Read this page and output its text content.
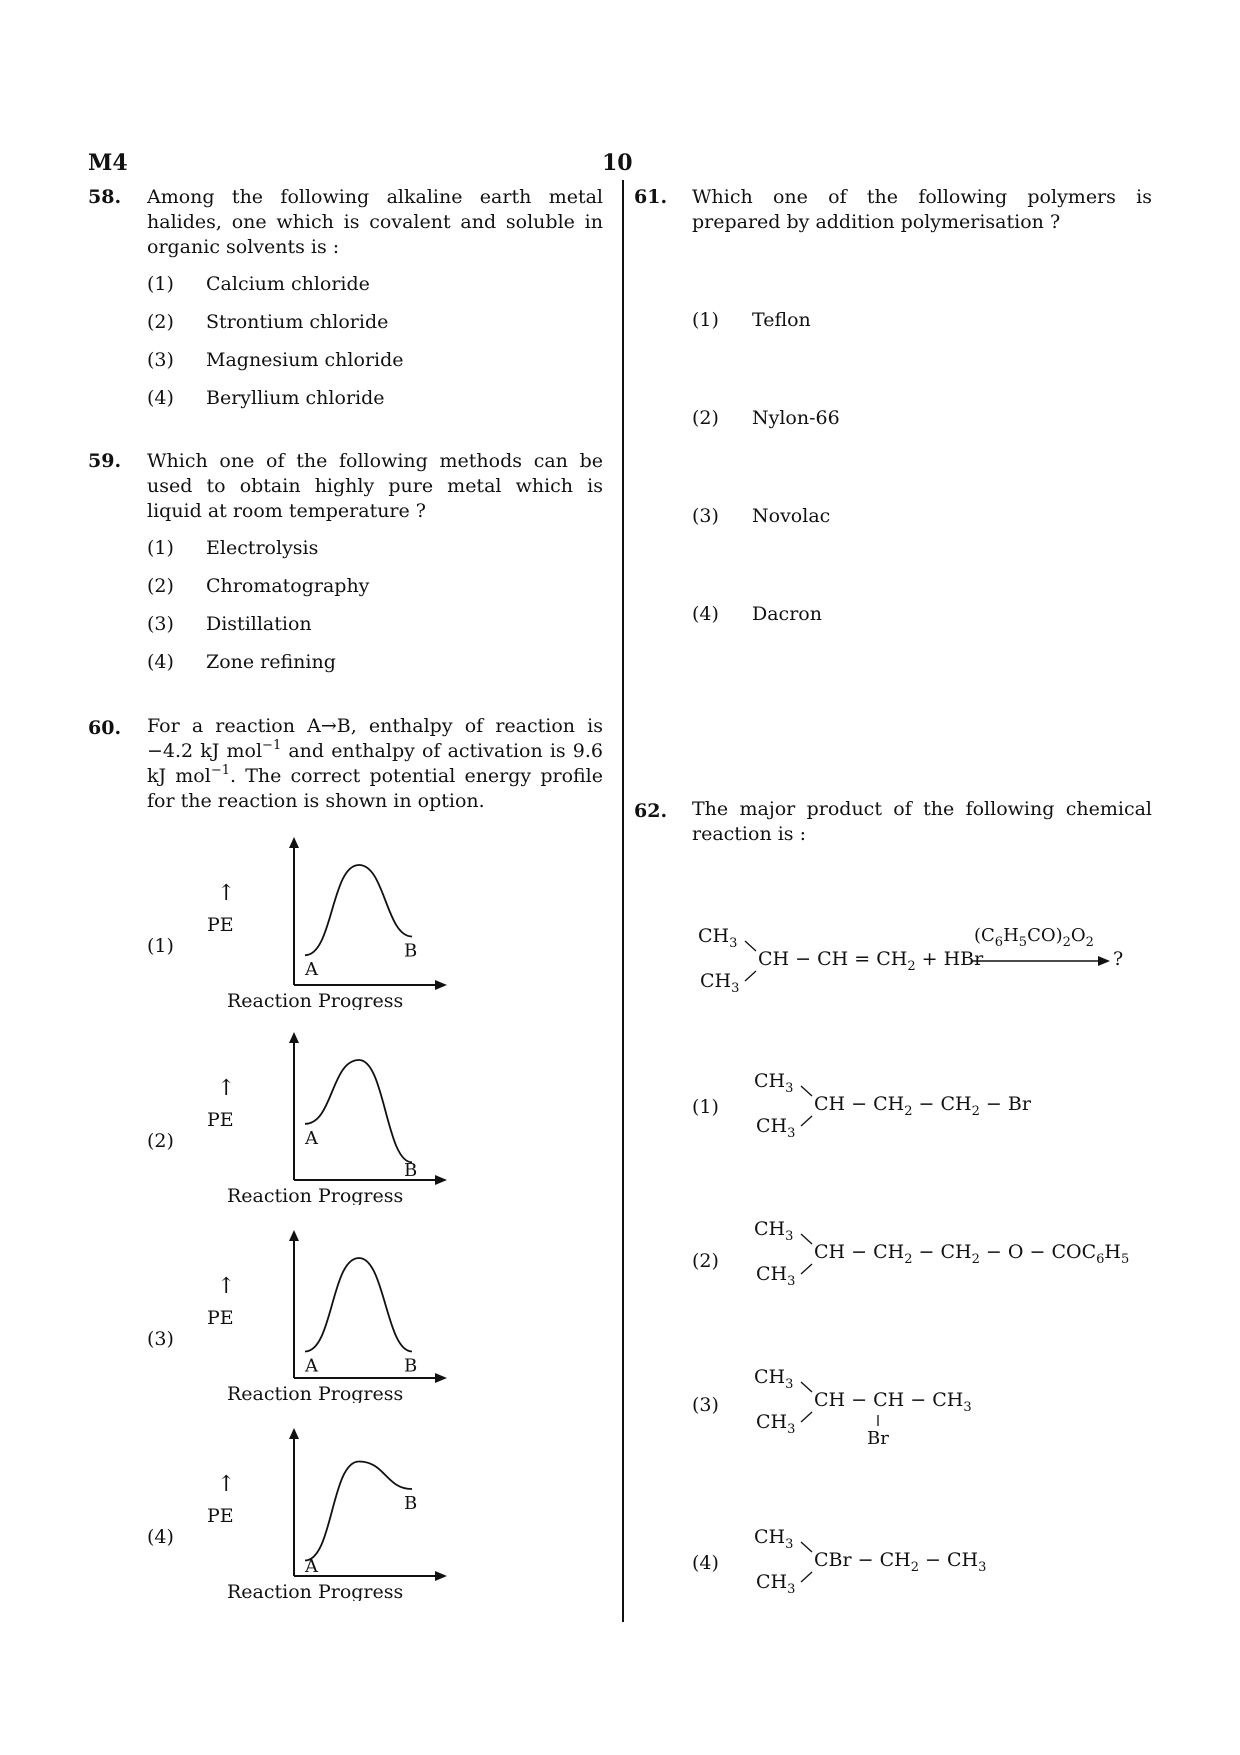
M4	10
58. Among the following alkaline earth metal halides, one which is covalent and soluble in organic solvents is :
(1) Calcium chloride
(2) Strontium chloride
(3) Magnesium chloride
(4) Beryllium chloride
59. Which one of the following methods can be used to obtain highly pure metal which is liquid at room temperature ?
(1) Electrolysis
(2) Chromatography
(3) Distillation
(4) Zone refining
60. For a reaction A→B, enthalpy of reaction is −4.2 kJ mol$^{-1}$ and enthalpy of activation is 9.6 kJ mol$^{-1}$. The correct potential energy profile for the reaction is shown in option.
(1)
↑
PE
Reaction Progress
A
B
(2)
↑
PE
Reaction Progress
A
B
(3)
↑
PE
Reaction Progress
A	B
(4)
↑
PE
Reaction Progress
A
B
61. Which one of the following polymers is prepared by addition polymerisation ?
(1) Teflon
(2) Nylon-66
(3) Novolac
(4) Dacron
62. The major product of the following chemical reaction is :
$CH_3$
$CH_3$
CH − CH = $CH_2$ + HBr
$(C_6H_5CO)_2O_2$
?
(1)
$CH_3$
$CH_3$
CH − $CH_2 - CH_2 - Br$
(2)
$CH_3$
$CH_3$
CH − $CH_2 - CH_2 - O - COC_6H_5$
(3)
$CH_3$
$CH_3$
CH − CH − $CH_3$
Br
(4)
$CH_3$
$CH_3$
CBr − $CH_2 - CH_3$
